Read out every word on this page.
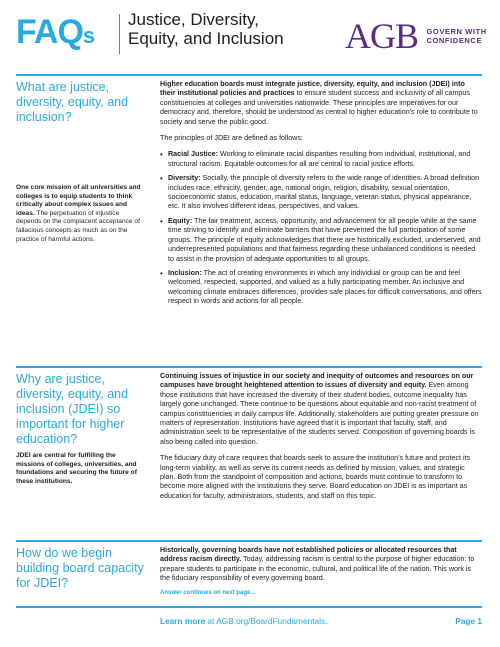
FAQs
Justice, Diversity, Equity, and Inclusion	AGB GOVERN WITH
CONFIDENCE
What are justice, diversity, equity, and inclusion?
One core mission of all universities and colleges is to equip students to think critically about complex issues and ideas. The perpetuation of injustice depends on the complacent acceptance of fallacious concepts as much as on the practice of harmful actions.

Higher education boards must integrate justice, diversity, equity, and inclusion (JDEI) into their institutional policies and practices to ensure student success and inclusivity of all campus constituencies at colleges and universities nationwide. These principles are imperatives for our democracy and, therefore, should be understood as central to higher education's role to contribute to society and serve the public good.

The principles of JDEI are defined as follows:

• Racial Justice: Working to eliminate racial disparities resulting from individual, institutional, and structural racism. Equitable outcomes for all are central to racial justice efforts.
• Diversity: Socially, the principle of diversity refers to the wide range of identities. A broad definition includes race, ethnicity, gender, age, national origin, religion, disability, sexual orientation, socioeconomic status, education, marital status, language, veteran status, physical appearance, etc. It also involves different ideas, perspectives, and values.
• Equity: The fair treatment, access, opportunity, and advancement for all people while at the same time striving to identify and eliminate barriers that have prevented the full participation of some groups. The principle of equity acknowledges that there are historically excluded, underserved, and underrepresented populations and that fairness regarding these unbalanced conditions is needed to assist in the provision of adequate opportunities to all groups.
• Inclusion: The act of creating environments in which any individual or group can be and feel welcomed, respected, supported, and valued as a fully participating member. An inclusive and welcoming climate embraces differences, provides safe places for difficult conversations, and offers respect in words and actions for all people.
Why are justice, diversity, equity, and inclusion (JDEI) so important for higher education?
JDEI are central for fulfilling the missions of colleges, universities, and foundations and securing the future of these institutions.

Continuing issues of injustice in our society and inequity of outcomes and resources on our campuses have brought heightened attention to issues of diversity and equity. Even among those institutions that have increased the diversity of their student bodies, outcome inequality has largely gone unchanged. There continue to be questions about equitable and non-racist treatment of campus constituencies in daily campus life. Additionally, stakeholders are putting greater pressure on matters of representation. Institutions have agreed that it is important that faculty, staff, and administration seek to be representative of the students served. Composition of governing boards is also being called into question.

The fiduciary duty of care requires that boards seek to assure the institution's future and protect its long-term viability, as well as serve its current needs as defined by mission, values, and strategic plan. Both from the standpoint of composition and actions, boards must continue to transform to become more aligned with the institutions they serve. Board education on JDEI is as important as education for faculty, administrators, students, and staff on this topic.

How do we begin building board capacity for JDEI?

Historically, governing boards have not established policies or allocated resources that address racism directly. Today, addressing racism is central to the purpose of higher education: to prepare students to participate in the economic, cultural, and political life of the nation. This work is the fiduciary responsibility of every governing board.

Answer continues on next page...
Learn more at AGB.org/BoardFundamentals.	Page 1
